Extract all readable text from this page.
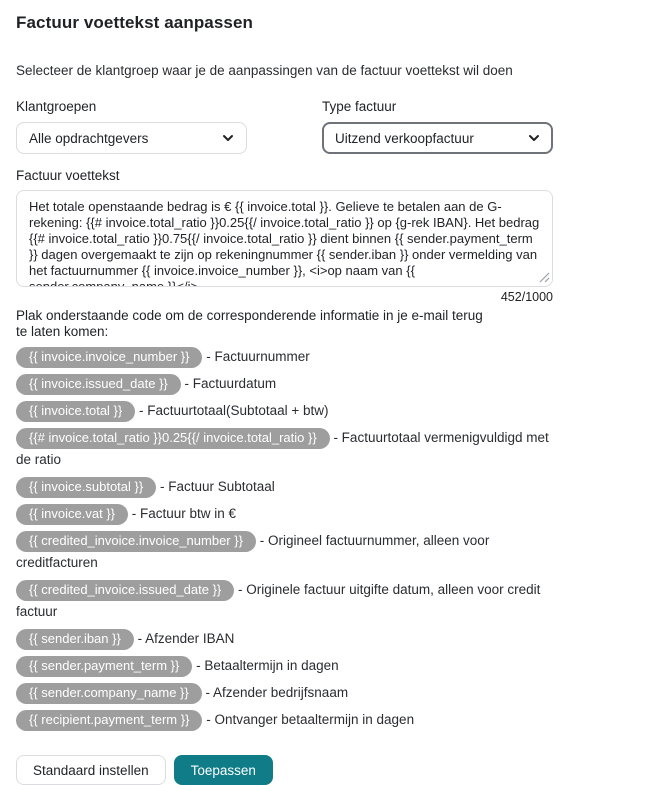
Factuur voettekst aanpassen

Selecteer de klantgroep waar je de aanpassingen van de factuur voettekst wil doen

Klantgroepen
Alle opdrachtgevers
Type factuur
Uitzend verkoopfactuur
Factuur voettekst
Het totale openstaande bedrag is € {{ invoice.total }}. Gelieve te betalen aan de G-rekening: {{# invoice.total_ratio }}0.25{{/ invoice.total_ratio }} op {g-rek IBAN}. Het bedrag {{# invoice.total_ratio }}0.75{{/ invoice.total_ratio }} dient binnen {{ sender.payment_term }} dagen overgemaakt te zijn op rekeningnummer {{ sender.iban }} onder vermelding van het factuurnummer {{ invoice.invoice_number }}, <i>op naam van {{ sender.company_name }}</i>.
452/1000

Plak onderstaande code om de corresponderende informatie in je e-mail terug te laten komen:

{{ invoice.invoice_number }} - Factuurnummer

{{ invoice.issued_date }} - Factuurdatum

{{ invoice.total }} - Factuurtotaal(Subtotaal + btw)

{{# invoice.total_ratio }}0.25{{/ invoice.total_ratio }} - Factuurtotaal vermenigvuldigd met de ratio

{{ invoice.subtotal }} - Factuur Subtotaal

{{ invoice.vat }} - Factuur btw in €

{{ credited_invoice.invoice_number }} - Origineel factuurnummer, alleen voor creditfacturen

{{ credited_invoice.issued_date }} - Originele factuur uitgifte datum, alleen voor credit factuur

{{ sender.iban }} - Afzender IBAN

{{ sender.payment_term }} - Betaaltermijn in dagen

{{ sender.company_name }} - Afzender bedrijfsnaam

{{ recipient.payment_term }} - Ontvanger betaaltermijn in dagen

Standaard instellen	Toepassen
